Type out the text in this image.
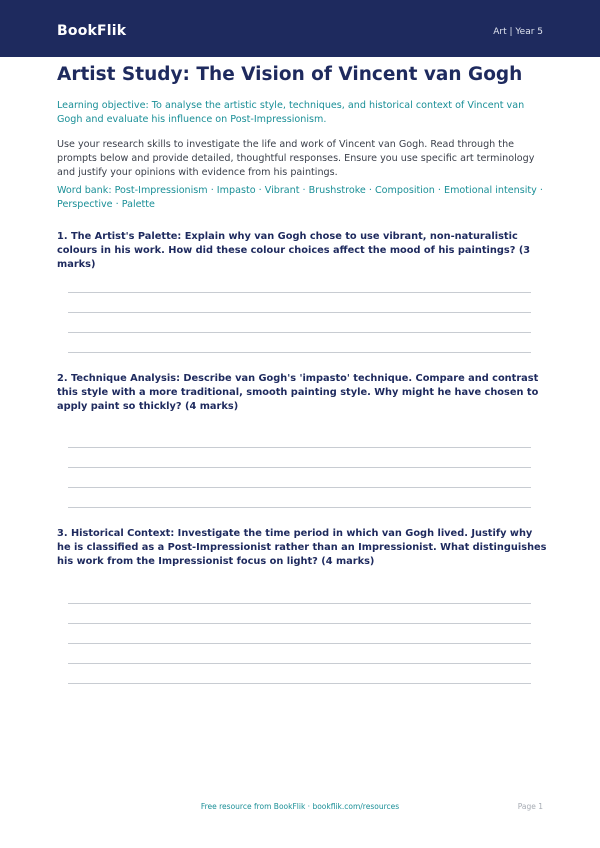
BookFlik	Art | Year 5
Artist Study: The Vision of Vincent van Gogh
Learning objective: To analyse the artistic style, techniques, and historical context of Vincent van Gogh and evaluate his influence on Post-Impressionism.
Use your research skills to investigate the life and work of Vincent van Gogh. Read through the prompts below and provide detailed, thoughtful responses. Ensure you use specific art terminology and justify your opinions with evidence from his paintings.
Word bank: Post-Impressionism · Impasto · Vibrant · Brushstroke · Composition · Emotional intensity · Perspective · Palette
1. The Artist's Palette: Explain why van Gogh chose to use vibrant, non-naturalistic colours in his work. How did these colour choices affect the mood of his paintings? (3 marks)
2. Technique Analysis: Describe van Gogh's 'impasto' technique. Compare and contrast this style with a more traditional, smooth painting style. Why might he have chosen to apply paint so thickly? (4 marks)
3. Historical Context: Investigate the time period in which van Gogh lived. Justify why he is classified as a Post-Impressionist rather than an Impressionist. What distinguishes his work from the Impressionist focus on light? (4 marks)
Free resource from BookFlik · bookflik.com/resources	Page 1
